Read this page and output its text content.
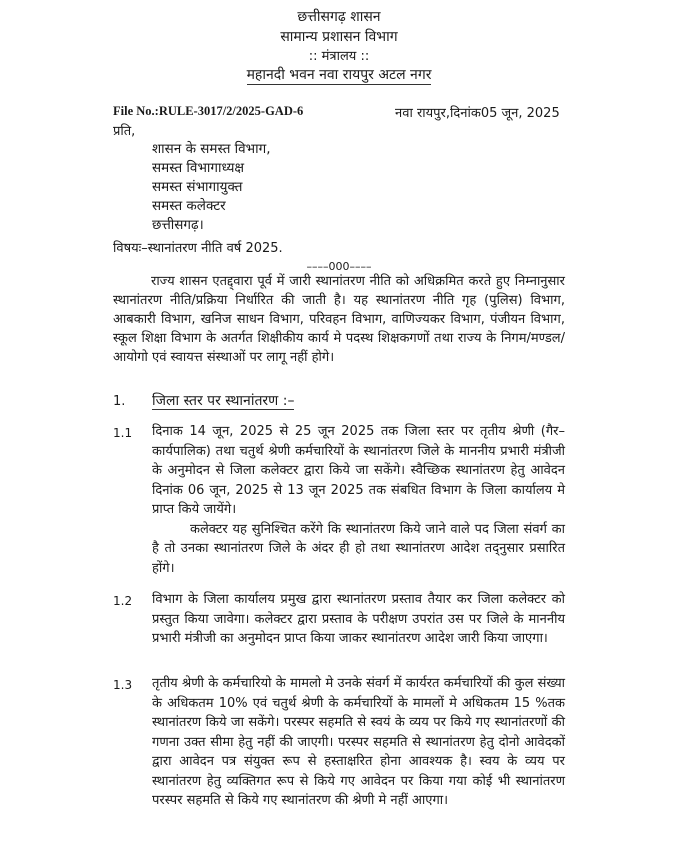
छत्तीसगढ़ शासन
सामान्य प्रशासन विभाग
:: मंत्रालय ::
महानदी भवन नवा रायपुर अटल नगर
File No.:RULE-3017/2/2025-GAD-6	नवा रायपुर,दिनांक05 जून, 2025
प्रति,
शासन के समस्त विभाग,
समस्त विभागाध्यक्ष
समस्त संभागायुक्त
समस्त कलेक्टर
छत्तीसगढ़।
विषयः–स्थानांतरण नीति वर्ष 2025.
––––000––––
राज्य शासन एतद्द्वारा पूर्व में जारी स्थानांतरण नीति को अधिक्रमित करते हुए निम्नानुसार स्थानांतरण नीति/प्रक्रिया निर्धारित की जाती है। यह स्थानांतरण नीति गृह (पुलिस) विभाग, आबकारी विभाग, खनिज साधन विभाग, परिवहन विभाग, वाणिज्यकर विभाग, पंजीयन विभाग, स्कूल शिक्षा विभाग के अतर्गत शिक्षीकीय कार्य मे पदस्थ शिक्षकगणों तथा राज्य के निगम/मण्डल/आयोगो एवं स्वायत्त संस्थाओं पर लागू नहीं होगे।
1. जिला स्तर पर स्थानांतरण :–
1.1 दिनाक 14 जून, 2025 से 25 जून 2025 तक जिला स्तर पर तृतीय श्रेणी (गैर–कार्यपालिक) तथा चतुर्थ श्रेणी कर्मचारियों के स्थानांतरण जिले के माननीय प्रभारी मंत्रीजी के अनुमोदन से जिला कलेक्टर द्वारा किये जा सकेंगे। स्वैच्छिक स्थानांतरण हेतु आवेदन दिनांक 06 जून, 2025 से 13 जून 2025 तक संबधित विभाग के जिला कार्यालय मे प्राप्त किये जायेंगे।

कलेक्टर यह सुनिश्चित करेंगे कि स्थानांतरण किये जाने वाले पद जिला संवर्ग का है तो उनका स्थानांतरण जिले के अंदर ही हो तथा स्थानांतरण आदेश तद्नुसार प्रसारित होंगे।

1.2 विभाग के जिला कार्यालय प्रमुख द्वारा स्थानांतरण प्रस्ताव तैयार कर जिला कलेक्टर को प्रस्तुत किया जावेगा। कलेक्टर द्वारा प्रस्ताव के परीक्षण उपरांत उस पर जिले के माननीय प्रभारी मंत्रीजी का अनुमोदन प्राप्त किया जाकर स्थानांतरण आदेश जारी किया जाएगा।

1.3 तृतीय श्रेणी के कर्मचारियो के मामलो मे उनके संवर्ग में कार्यरत कर्मचारियों की कुल संख्या के अधिकतम 10% एवं चतुर्थ श्रेणी के कर्मचारियों के मामलों मे अधिकतम 15 %तक स्थानांतरण किये जा सकेंगे। परस्पर सहमति से स्वयं के व्यय पर किये गए स्थानांतरणों की गणना उक्त सीमा हेतु नहीं की जाएगी। परस्पर सहमति से स्थानांतरण हेतु दोनो आवेदकों द्वारा आवेदन पत्र संयुक्त रूप से हस्ताक्षरित होना आवश्यक है। स्वय के व्यय पर स्थानांतरण हेतु व्यक्तिगत रूप से किये गए आवेदन पर किया गया कोई भी स्थानांतरण परस्पर सहमति से किये गए स्थानांतरण की श्रेणी मे नहीं आएगा।
